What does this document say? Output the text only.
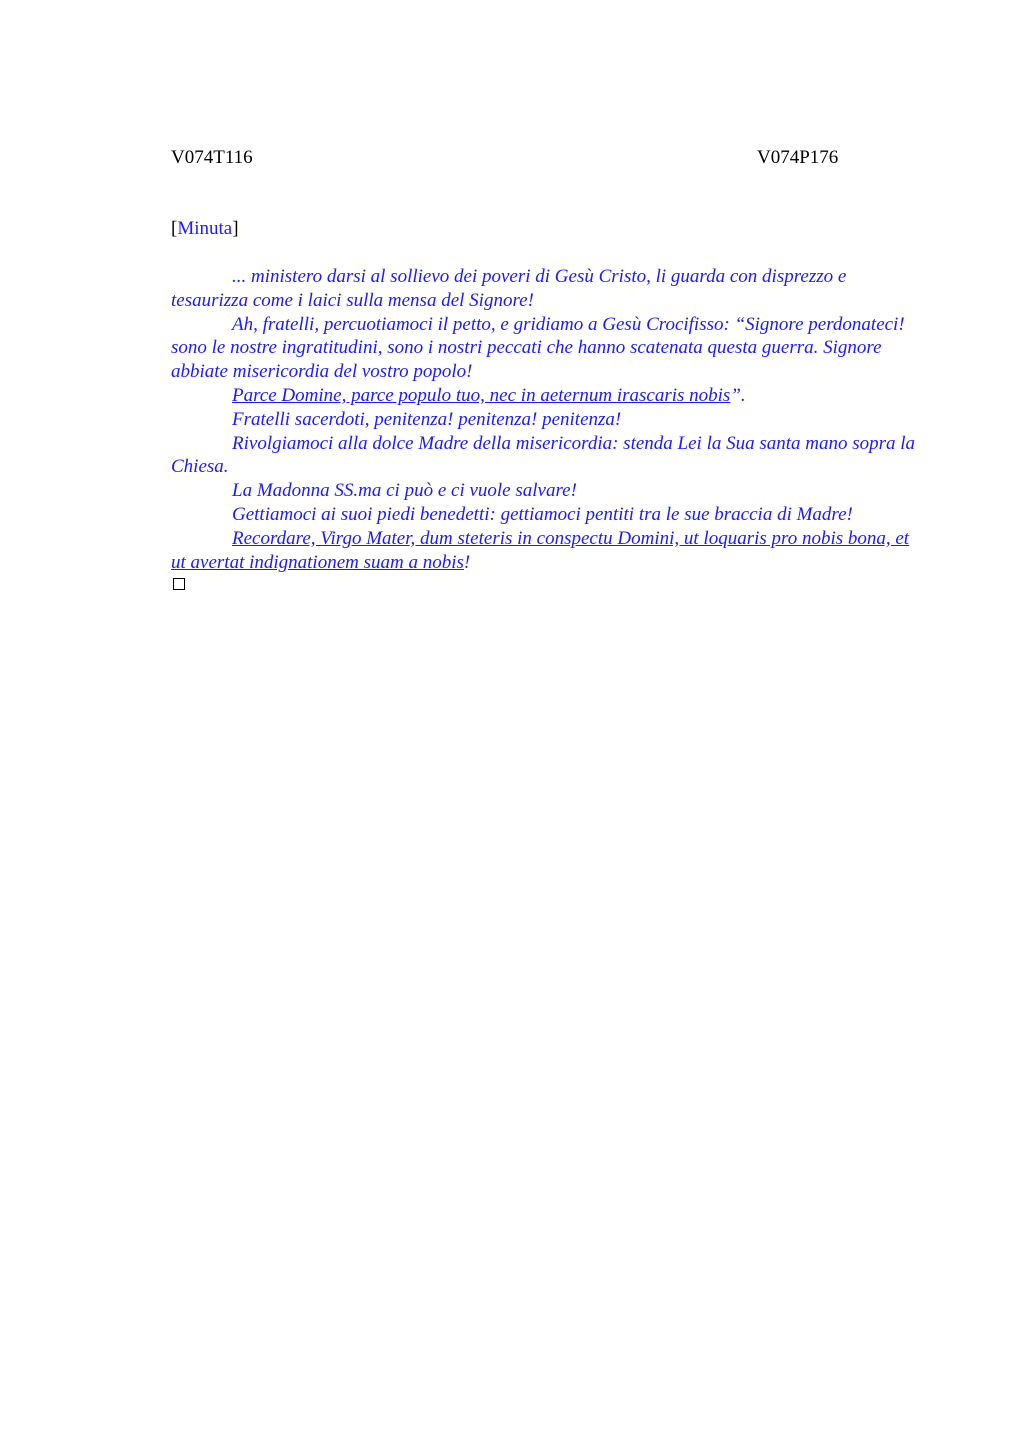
V074T116	V074P176
[Minuta]

... ministero darsi al sollievo dei poveri di Gesù Cristo, li guarda con disprezzo e tesaurizza come i laici sulla mensa del Signore!

Ah, fratelli, percuotiamoci il petto, e gridiamo a Gesù Crocifisso: “Signore perdonateci! sono le nostre ingratitudini, sono i nostri peccati che hanno scatenata questa guerra. Signore abbiate misericordia del vostro popolo!

Parce Domine, parce populo tuo, nec in aeternum irascaris nobis”.

Fratelli sacerdoti, penitenza! penitenza! penitenza!

Rivolgiamoci alla dolce Madre della misericordia: stenda Lei la Sua santa mano sopra la Chiesa.

La Madonna SS.ma ci può e ci vuole salvare!

Gettiamoci ai suoi piedi benedetti: gettiamoci pentiti tra le sue braccia di Madre!

Recordare, Virgo Mater, dum steteris in conspectu Domini, ut loquaris pro nobis bona, et ut avertat indignationem suam a nobis!
